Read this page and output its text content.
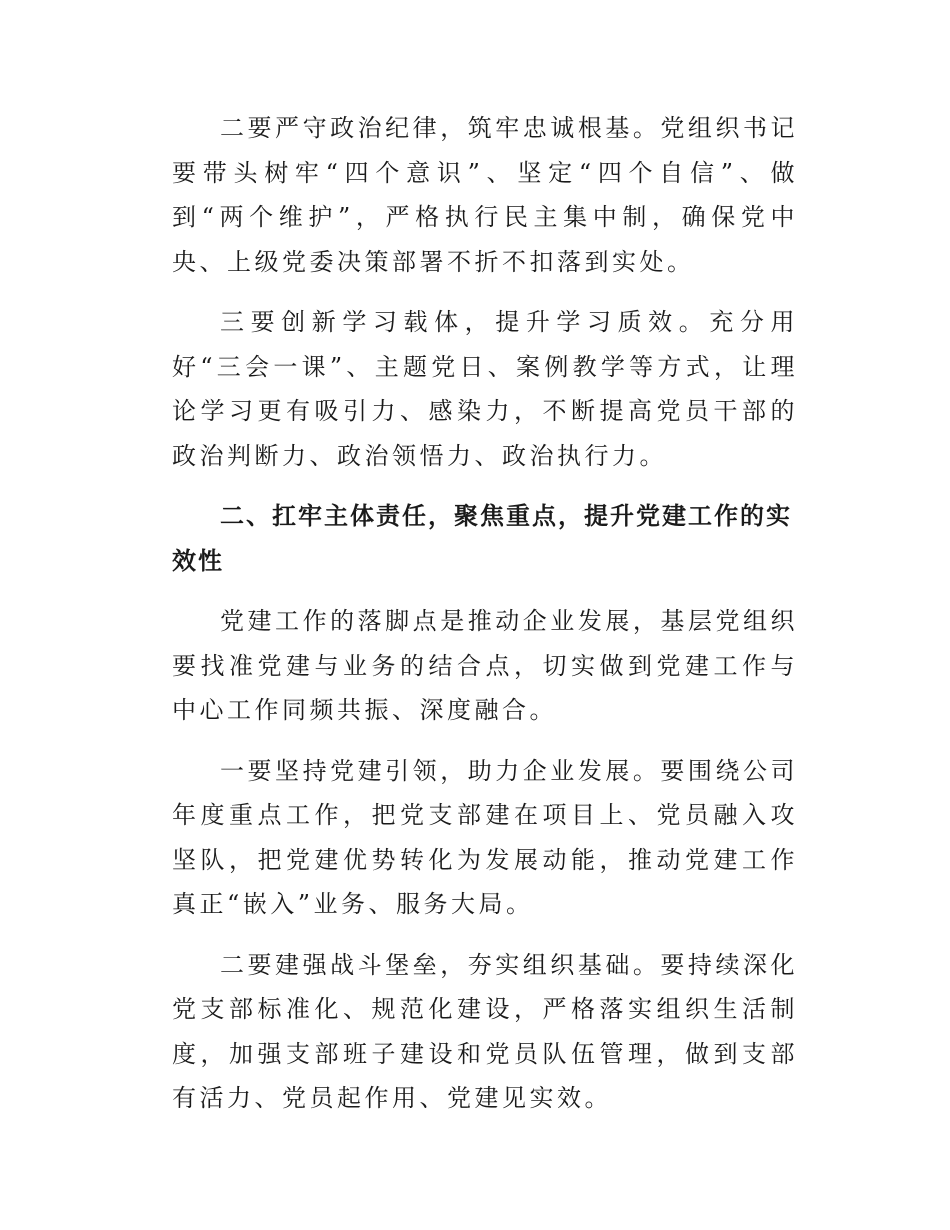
二要严守政治纪律，筑牢忠诚根基。党组织书记要带头树牢“四个意识”、坚定“四个自信”、做到“两个维护”，严格执行民主集中制，确保党中央、上级党委决策部署不折不扣落到实处。

三要创新学习载体，提升学习质效。充分用好“三会一课”、主题党日、案例教学等方式，让理论学习更有吸引力、感染力，不断提高党员干部的政治判断力、政治领悟力、政治执行力。

二、扛牢主体责任，聚焦重点，提升党建工作的实效性

党建工作的落脚点是推动企业发展，基层党组织要找准党建与业务的结合点，切实做到党建工作与中心工作同频共振、深度融合。

一要坚持党建引领，助力企业发展。要围绕公司年度重点工作，把党支部建在项目上、党员融入攻坚队，把党建优势转化为发展动能，推动党建工作真正“嵌入”业务、服务大局。

二要建强战斗堡垒，夯实组织基础。要持续深化党支部标准化、规范化建设，严格落实组织生活制度，加强支部班子建设和党员队伍管理，做到支部有活力、党员起作用、党建见实效。
